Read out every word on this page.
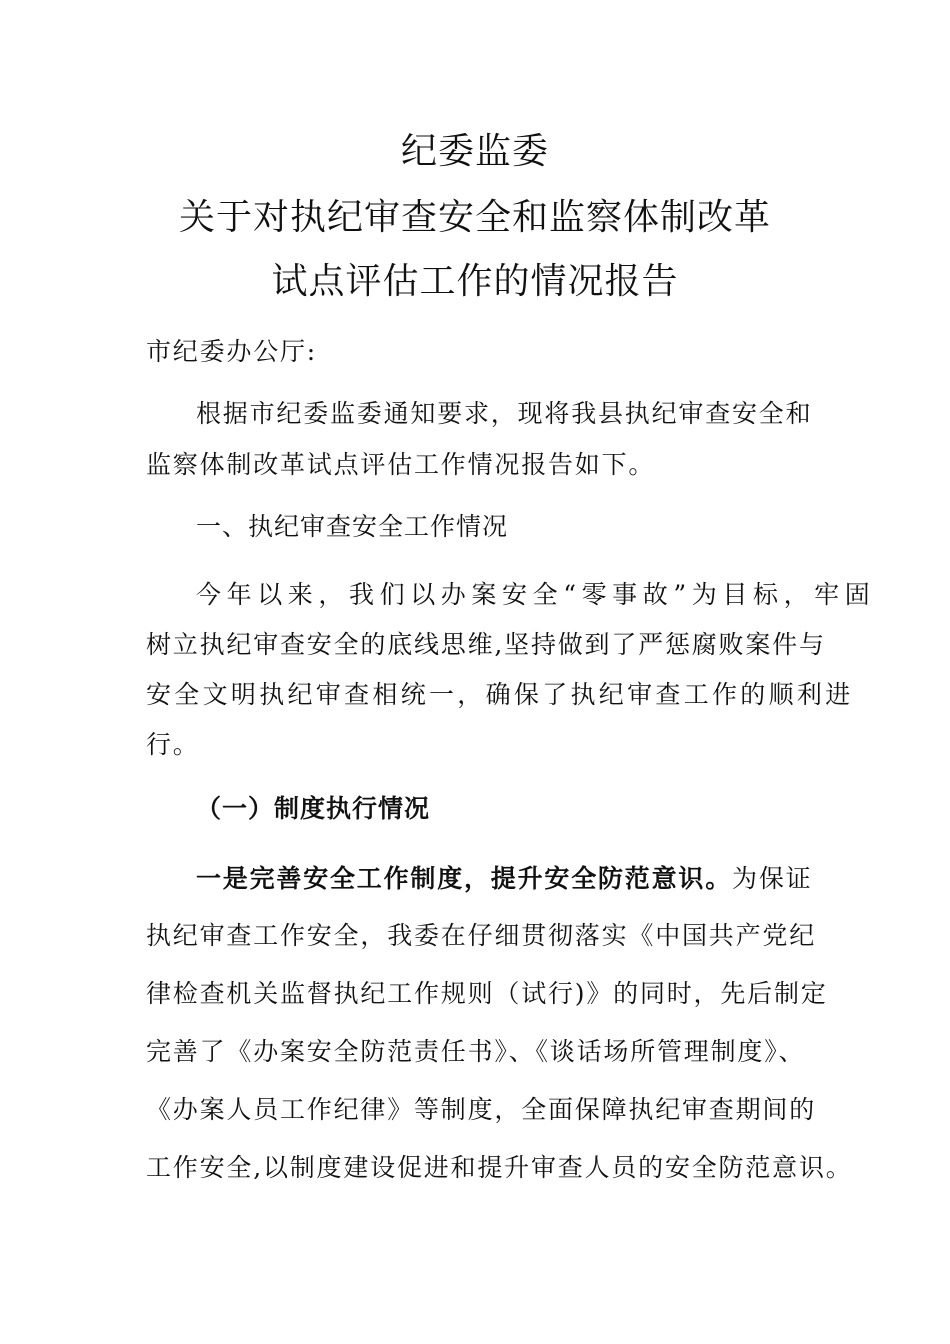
纪委监委
关于对执纪审查安全和监察体制改革
试点评估工作的情况报告
市纪委办公厅:
根据市纪委监委通知要求，现将我县执纪审查安全和
监察体制改革试点评估工作情况报告如下。
一、执纪审查安全工作情况
今年以来，我们以办案安全“零事故”为目标，牢固
树立执纪审查安全的底线思维,坚持做到了严惩腐败案件与
安全文明执纪审查相统一，确保了执纪审查工作的顺利进
行。
（一）制度执行情况
一是完善安全工作制度，提升安全防范意识。为保证
执纪审查工作安全，我委在仔细贯彻落实《中国共产党纪
律检查机关监督执纪工作规则（试行)》的同时，先后制定
完善了《办案安全防范责任书》、《谈话场所管理制度》、
《办案人员工作纪律》等制度，全面保障执纪审查期间的
工作安全,以制度建设促进和提升审查人员的安全防范意识。
